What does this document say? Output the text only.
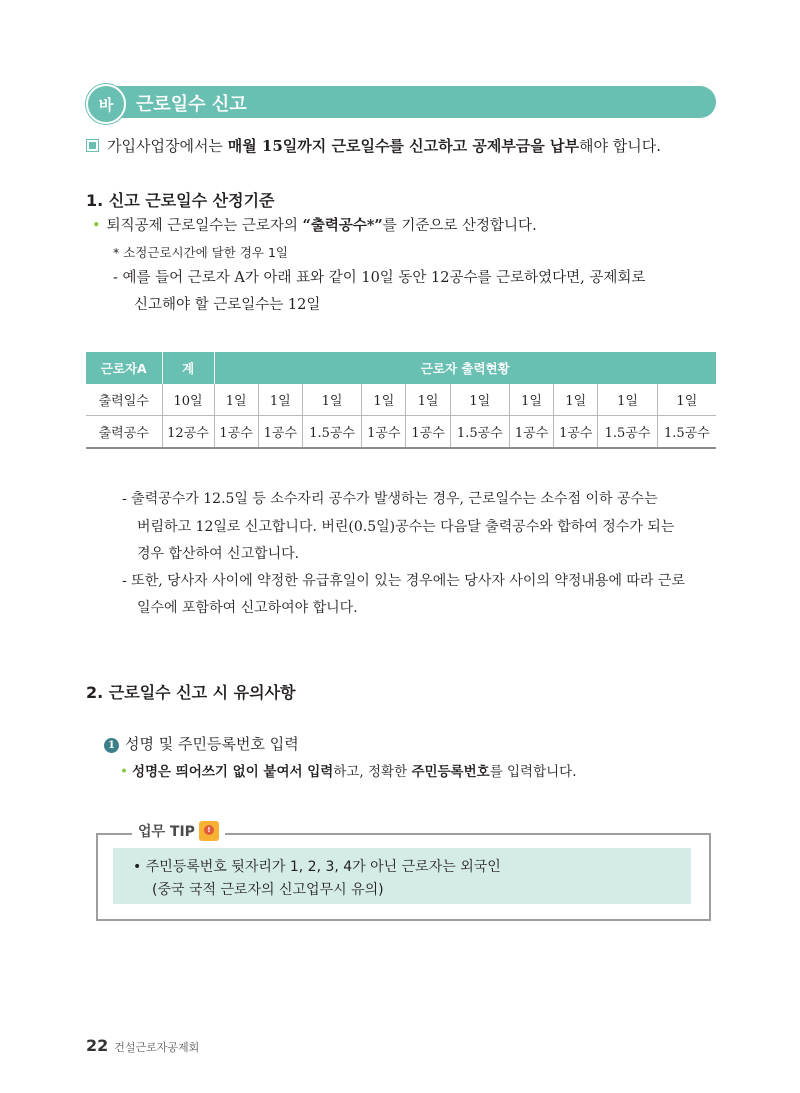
바	근로일수 신고
가입사업장에서는 매월 15일까지 근로일수를 신고하고 공제부금을 납부해야 합니다.
1. 신고 근로일수 산정기준
• 퇴직공제 근로일수는 근로자의 “출력공수*”를 기준으로 산정합니다.
* 소정근로시간에 달한 경우 1일
- 예를 들어 근로자 A가 아래 표와 같이 10일 동안 12공수를 근로하였다면, 공제회로
신고해야 할 근로일수는 12일
근로자A	계	근로자 출력현황									
출력일수	10일	1일	1일	1일	1일	1일	1일	1일	1일	1일	1일
출력공수	12공수	1공수	1공수	1.5공수	1공수	1공수	1.5공수	1공수	1공수	1.5공수	1.5공수
- 출력공수가 12.5일 등 소수자리 공수가 발생하는 경우, 근로일수는 소수점 이하 공수는
버림하고 12일로 신고합니다. 버린(0.5일)공수는 다음달 출력공수와 합하여 정수가 되는
경우 합산하여 신고합니다.
- 또한, 당사자 사이에 약정한 유급휴일이 있는 경우에는 당사자 사이의 약정내용에 따라 근로
일수에 포함하여 신고하여야 합니다.
2. 근로일수 신고 시 유의사항
1 성명 및 주민등록번호 입력
• 성명은 띄어쓰기 없이 붙여서 입력하고, 정확한 주민등록번호를 입력합니다.
업무 TIP	!
• 주민등록번호 뒷자리가 1, 2, 3, 4가 아닌 근로자는 외국인
(중국 국적 근로자의 신고업무시 유의)
22 건설근로자공제회
